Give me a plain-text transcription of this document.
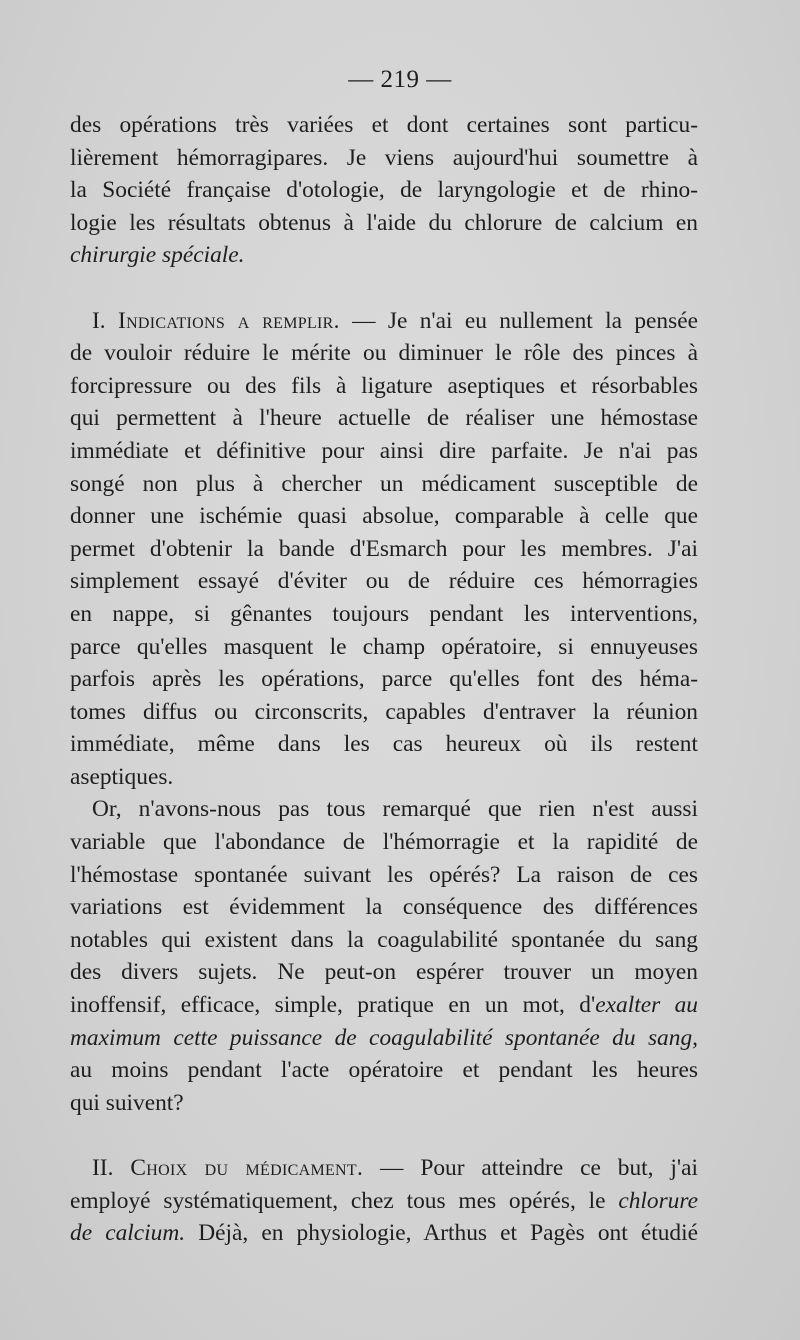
— 219 —
des opérations très variées et dont certaines sont particu-
lièrement hémorragipares. Je viens aujourd'hui soumettre à
la Société française d'otologie, de laryngologie et de rhino-
logie les résultats obtenus à l'aide du chlorure de calcium en
chirurgie spéciale.
I. Indications a remplir. — Je n'ai eu nullement la pensée
de vouloir réduire le mérite ou diminuer le rôle des pinces à
forcipressure ou des fils à ligature aseptiques et résorbables
qui permettent à l'heure actuelle de réaliser une hémostase
immédiate et définitive pour ainsi dire parfaite. Je n'ai pas
songé non plus à chercher un médicament susceptible de
donner une ischémie quasi absolue, comparable à celle que
permet d'obtenir la bande d'Esmarch pour les membres. J'ai
simplement essayé d'éviter ou de réduire ces hémorragies
en nappe, si gênantes toujours pendant les interventions,
parce qu'elles masquent le champ opératoire, si ennuyeuses
parfois après les opérations, parce qu'elles font des héma-
tomes diffus ou circonscrits, capables d'entraver la réunion
immédiate, même dans les cas heureux où ils restent
aseptiques.
Or, n'avons-nous pas tous remarqué que rien n'est aussi
variable que l'abondance de l'hémorragie et la rapidité de
l'hémostase spontanée suivant les opérés? La raison de ces
variations est évidemment la conséquence des différences
notables qui existent dans la coagulabilité spontanée du sang
des divers sujets. Ne peut-on espérer trouver un moyen
inoffensif, efficace, simple, pratique en un mot, d'exalter au
maximum cette puissance de coagulabilité spontanée du sang,
au moins pendant l'acte opératoire et pendant les heures
qui suivent?
II. Choix du médicament. — Pour atteindre ce but, j'ai
employé systématiquement, chez tous mes opérés, le chlorure
de calcium. Déjà, en physiologie, Arthus et Pagès ont étudié
